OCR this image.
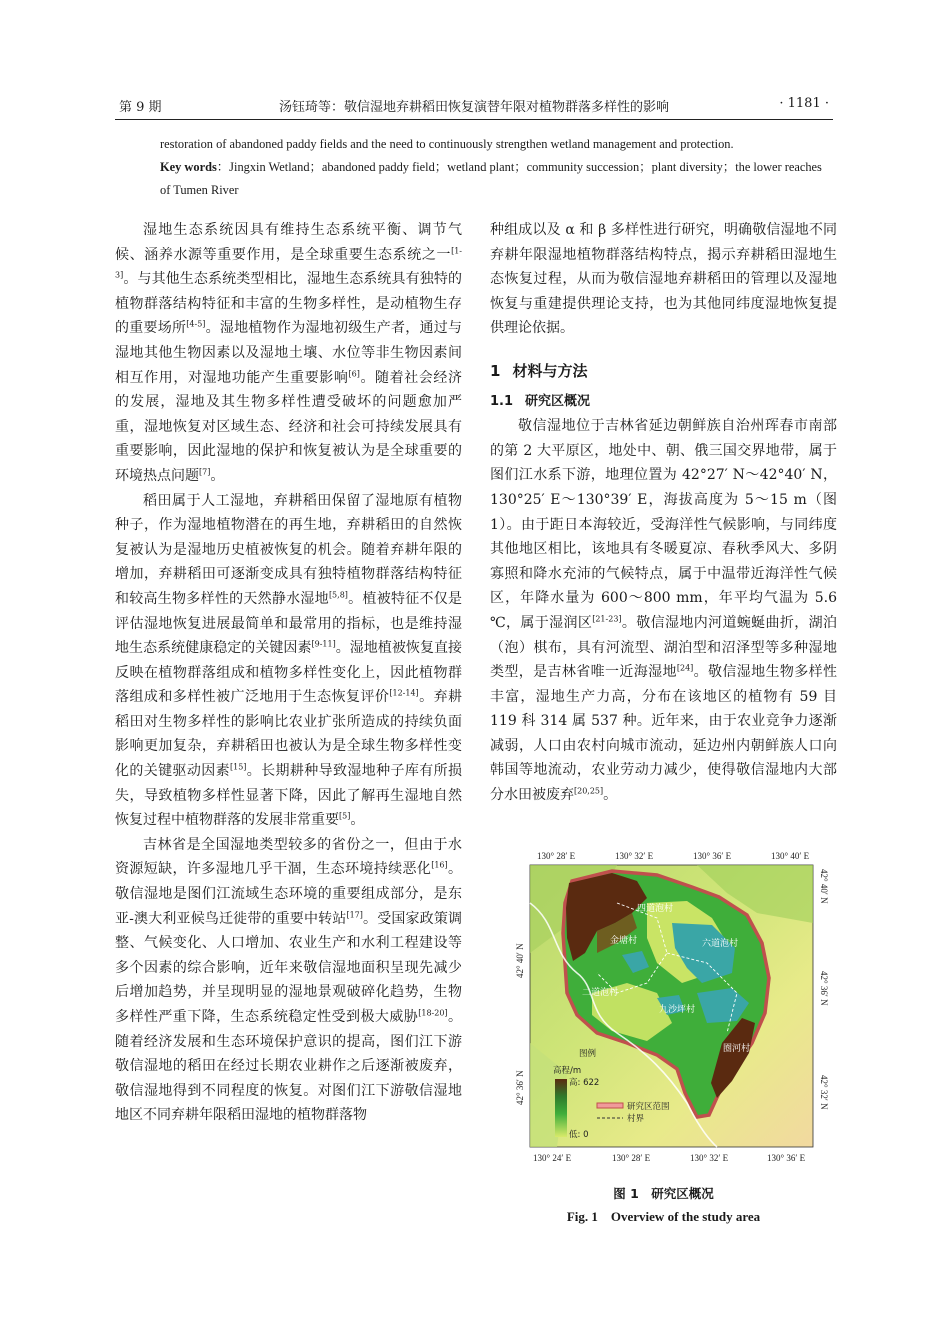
第 9 期	汤钰琦等：敬信湿地弃耕稻田恢复演替年限对植物群落多样性的影响	· 1181 ·

restoration of abandoned paddy fields and the need to continuously strengthen wetland management and protection.

Key words：Jingxin Wetland；abandoned paddy field；wetland plant；community succession；plant diversity；the lower reaches of Tumen River

湿地生态系统因具有维持生态系统平衡、调节气候、涵养水源等重要作用，是全球重要生态系统之一[1-3]。与其他生态系统类型相比，湿地生态系统具有独特的植物群落结构特征和丰富的生物多样性，是动植物生存的重要场所[4-5]。湿地植物作为湿地初级生产者，通过与湿地其他生物因素以及湿地土壤、水位等非生物因素间相互作用，对湿地功能产生重要影响[6]。随着社会经济的发展，湿地及其生物多样性遭受破坏的问题愈加严重，湿地恢复对区域生态、经济和社会可持续发展具有重要影响，因此湿地的保护和恢复被认为是全球重要的环境热点问题[7]。

稻田属于人工湿地，弃耕稻田保留了湿地原有植物种子，作为湿地植物潜在的再生地，弃耕稻田的自然恢复被认为是湿地历史植被恢复的机会。随着弃耕年限的增加，弃耕稻田可逐渐变成具有独特植物群落结构特征和较高生物多样性的天然静水湿地[5,8]。植被特征不仅是评估湿地恢复进展最简单和最常用的指标，也是维持湿地生态系统健康稳定的关键因素[9-11]。湿地植被恢复直接反映在植物群落组成和植物多样性变化上，因此植物群落组成和多样性被广泛地用于生态恢复评价[12-14]。弃耕稻田对生物多样性的影响比农业扩张所造成的持续负面影响更加复杂，弃耕稻田也被认为是全球生物多样性变化的关键驱动因素[15]。长期耕种导致湿地种子库有所损失，导致植物多样性显著下降，因此了解再生湿地自然恢复过程中植物群落的发展非常重要[5]。

吉林省是全国湿地类型较多的省份之一，但由于水资源短缺，许多湿地几乎干涸，生态环境持续恶化[16]。敬信湿地是图们江流域生态环境的重要组成部分，是东亚-澳大利亚候鸟迁徙带的重要中转站[17]。受国家政策调整、气候变化、人口增加、农业生产和水利工程建设等多个因素的综合影响，近年来敬信湿地面积呈现先减少后增加趋势，并呈现明显的湿地景观破碎化趋势，生物多样性严重下降，生态系统稳定性受到极大威胁[18-20]。随着经济发展和生态环境保护意识的提高，图们江下游敬信湿地的稻田在经过长期农业耕作之后逐渐被废弃，敬信湿地得到不同程度的恢复。对图们江下游敬信湿地地区不同弃耕年限稻田湿地的植物群落物

种组成以及 α 和 β 多样性进行研究，明确敬信湿地不同弃耕年限湿地植物群落结构特点，揭示弃耕稻田湿地生态恢复过程，从而为敬信湿地弃耕稻田的管理以及湿地恢复与重建提供理论支持，也为其他同纬度湿地恢复提供理论依据。

1 材料与方法
1.1 研究区概况

敬信湿地位于吉林省延边朝鲜族自治州珲春市南部的第 2 大平原区，地处中、朝、俄三国交界地带，属于图们江水系下游，地理位置为 42°27′ N～42°40′ N，130°25′ E～130°39′ E，海拔高度为 5～15 m（图 1）。由于距日本海较近，受海洋性气候影响，与同纬度其他地区相比，该地具有冬暖夏凉、春秋季风大、多阴寡照和降水充沛的气候特点，属于中温带近海洋性气候区，年降水量为 600～800 mm，年平均气温为 5.6 ℃，属于湿润区[21-23]。敬信湿地内河道蜿蜒曲折，湖泊（泡）棋布，具有河流型、湖泊型和沼泽型等多种湿地类型，是吉林省唯一近海湿地[24]。敬信湿地生物多样性丰富，湿地生产力高，分布在该地区的植物有 59 目 119 科 314 属 537 种。近年来，由于农业竞争力逐渐减弱，人口由农村向城市流动，延边州内朝鲜族人口向韩国等地流动，农业劳动力减少，使得敬信湿地内大部分水田被废弃[20,25]。

四道泡村
金塘村	六道泡村
二道泡村
九沙坪村
圈河村
图例
高程/m
高: 622
低: 0
研究区范围
村界
130° 28′ E	130° 32′ E	130° 36′ E	130° 40′ E
130° 24′ E	130° 28′ E	130° 32′ E	130° 36′ E
42° 40′ N
42° 36′ N
42° 40′ N
42° 36′ N
42° 32′ N
图 1　研究区概况
Fig. 1　Overview of the study area
